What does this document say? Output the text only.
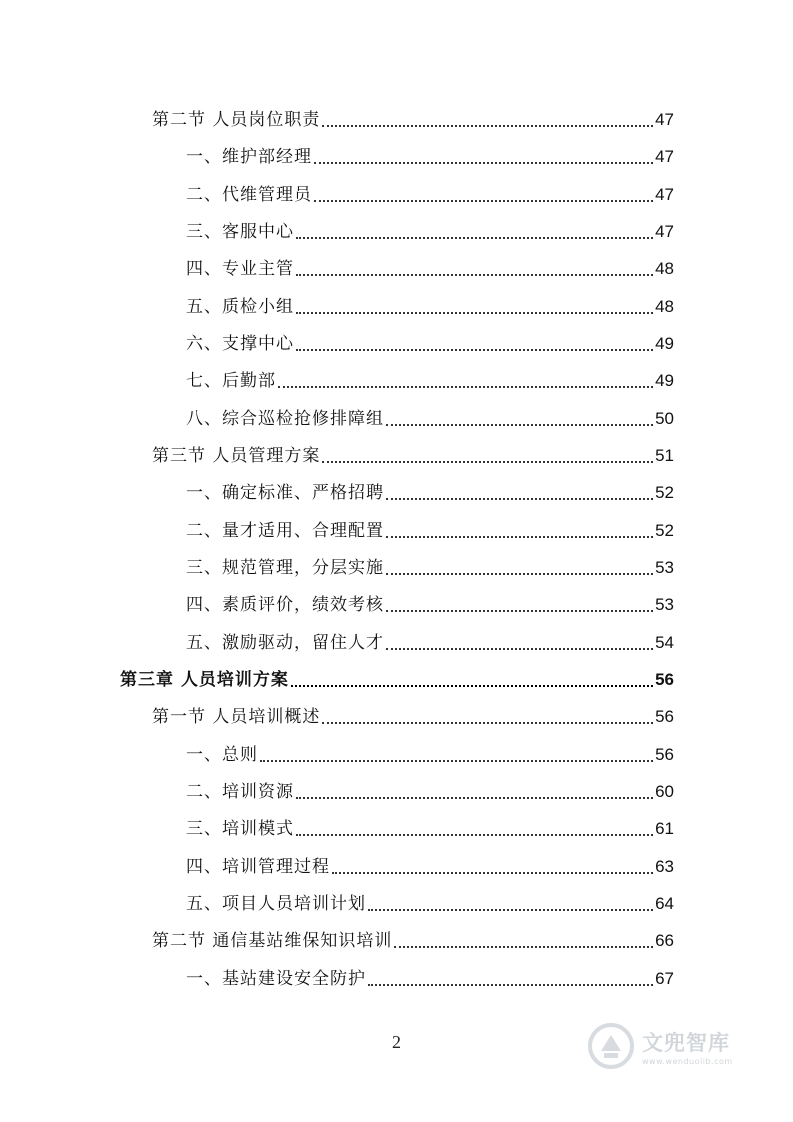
第二节 人员岗位职责	47
一、维护部经理	47
二、代维管理员	47
三、客服中心	47
四、专业主管	48
五、质检小组	48
六、支撑中心	49
七、后勤部	49
八、综合巡检抢修排障组	50
第三节 人员管理方案	51
一、确定标准、严格招聘	52
二、量才适用、合理配置	52
三、规范管理，分层实施	53
四、素质评价，绩效考核	53
五、激励驱动，留住人才	54
第三章 人员培训方案	56
第一节 人员培训概述	56
一、总则	56
二、培训资源	60
三、培训模式	61
四、培训管理过程	63
五、项目人员培训计划	64
第二节 通信基站维保知识培训	66
一、基站建设安全防护	67
2	文兜智库
www.wenduolib.com
